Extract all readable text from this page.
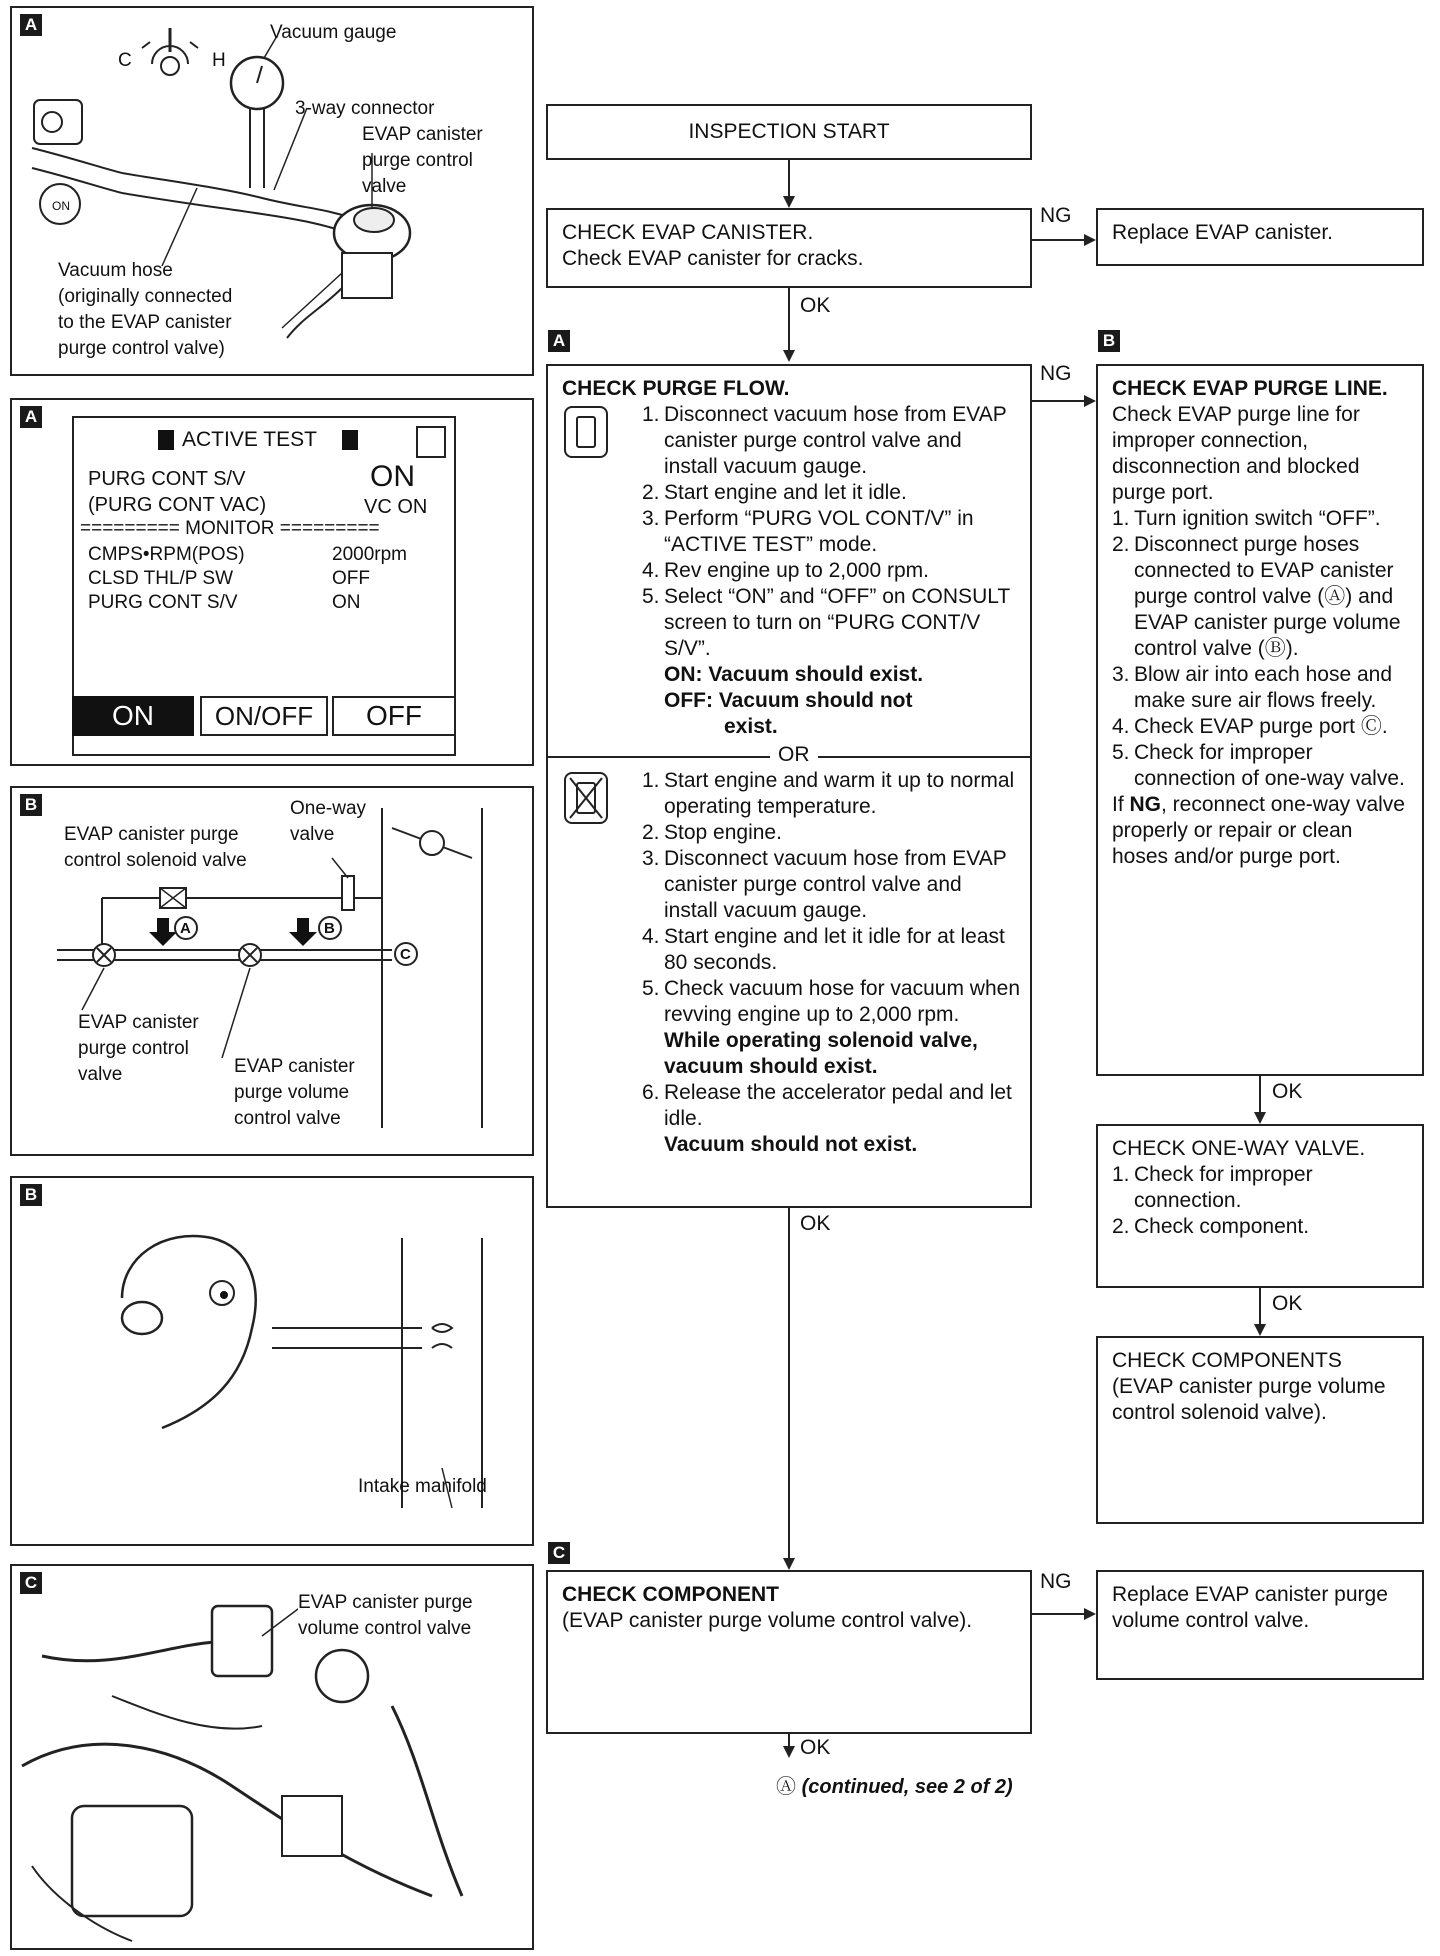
A
C	H
ON
Vacuum gauge
3-way connector
EVAP canister
purge control
valve
Vacuum hose
(originally connected
to the EVAP canister
purge control valve)
A
ACTIVE TEST
PURG CONT S/V	ON
(PURG CONT VAC)	VC ON
========= MONITOR =========
CMPS•RPM(POS)	2000rpm
CLSD THL/P SW	OFF
PURG CONT S/V	ON
ON	ON/OFF	OFF
B
A	B
C
EVAP canister purge
control solenoid valve
One-way
valve
EVAP canister
purge control
valve	EVAP canister
purge volume
control valve
B
Intake manifold
C
EVAP canister purge
volume control valve
INSPECTION START
CHECK EVAP CANISTER.
Check EVAP canister for cracks.
NG
OK
Replace EVAP canister.
A	B
CHECK PURGE FLOW.
1. Disconnect vacuum hose from EVAP canister purge control valve and install vacuum gauge.
2. Start engine and let it idle.
3. Perform “PURG VOL CONT/V” in “ACTIVE TEST” mode.
4. Rev engine up to 2,000 rpm.
5. Select “ON” and “OFF” on CONSULT screen to turn on “PURG CONT/V S/V”.
ON: Vacuum should exist.
OFF: Vacuum should not
exist.
OR
1. Start engine and warm it up to normal operating temperature.
2. Stop engine.
3. Disconnect vacuum hose from EVAP canister purge control valve and install vacuum gauge.
4. Start engine and let it idle for at least 80 seconds.
5. Check vacuum hose for vacuum when revving engine up to 2,000 rpm.
While operating solenoid valve, vacuum should exist.
6. Release the accelerator pedal and let idle.
Vacuum should not exist.
NG
OK
CHECK EVAP PURGE LINE.
Check EVAP purge line for improper connection, disconnection and blocked purge port.
1. Turn ignition switch “OFF”.
2. Disconnect purge hoses connected to EVAP canister purge control valve (Ⓐ) and EVAP canister purge volume control valve (Ⓑ).
3. Blow air into each hose and make sure air flows freely.
4. Check EVAP purge port Ⓒ.
5. Check for improper connection of one-way valve.
If NG, reconnect one-way valve properly or repair or clean hoses and/or purge port.
OK
CHECK ONE-WAY VALVE.
1. Check for improper connection.
2. Check component.
OK
CHECK COMPONENTS
(EVAP canister purge volume control solenoid valve).
C
CHECK COMPONENT
(EVAP canister purge volume control valve).
NG
OK
Replace EVAP canister purge volume control valve.
Ⓐ (continued, see 2 of 2)
